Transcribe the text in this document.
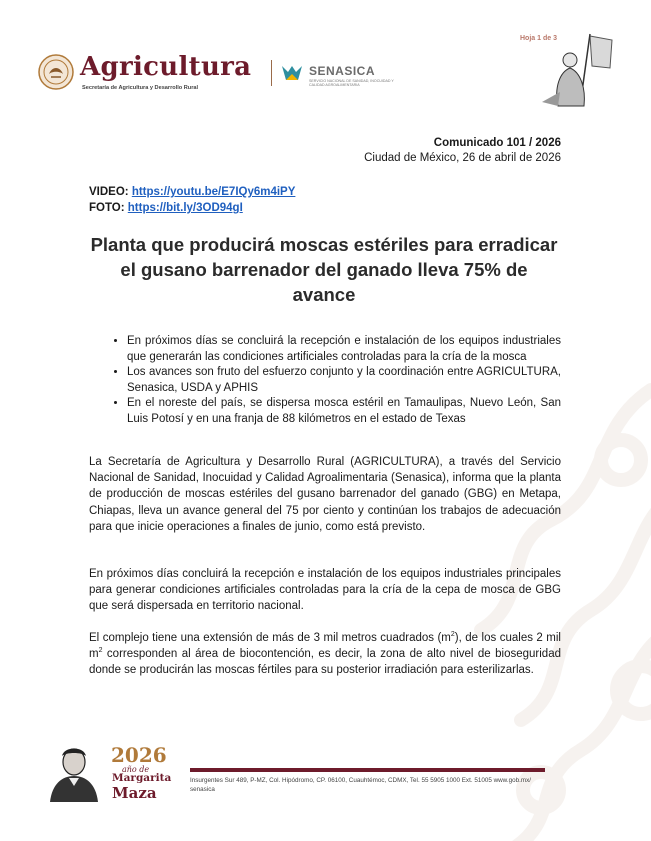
Agricultura
Secretaría de Agricultura y Desarrollo Rural
SENASICA
SERVICIO NACIONAL DE SANIDAD, INOCUIDAD Y CALIDAD AGROALIMENTARIA
Hoja 1 de 3
Comunicado 101 / 2026
Ciudad de México, 26 de abril de 2026
VIDEO: https://youtu.be/E7IQy6m4iPY
FOTO: https://bit.ly/3OD94gI
Planta que producirá moscas estériles para erradicar el gusano barrenador del ganado lleva 75% de avance
• En próximos días se concluirá la recepción e instalación de los equipos industriales que generarán las condiciones artificiales controladas para la cría de la mosca
• Los avances son fruto del esfuerzo conjunto y la coordinación entre AGRICULTURA, Senasica, USDA y APHIS
• En el noreste del país, se dispersa mosca estéril en Tamaulipas, Nuevo León, San Luis Potosí y en una franja de 88 kilómetros en el estado de Texas

La Secretaría de Agricultura y Desarrollo Rural (AGRICULTURA), a través del Servicio Nacional de Sanidad, Inocuidad y Calidad Agroalimentaria (Senasica), informa que la planta de producción de moscas estériles del gusano barrenador del ganado (GBG) en Metapa, Chiapas, lleva un avance general del 75 por ciento y continúan los trabajos de adecuación para que inicie operaciones a finales de junio, como está previsto.

En próximos días concluirá la recepción e instalación de los equipos industriales principales para generar condiciones artificiales controladas para la cría de la cepa de mosca de GBG que será dispersada en territorio nacional.

El complejo tiene una extensión de más de 3 mil metros cuadrados $(m^2)$, de los cuales 2 mil $m^2$ corresponden al área de biocontención, es decir, la zona de alto nivel de bioseguridad donde se producirán las moscas fértiles para su posterior irradiación para esterilizarlas.

2026
año de
Margarita
Maza
Insurgentes Sur 489, P-MZ, Col. Hipódromo, CP. 06100, Cuauhtémoc, CDMX, Tel. 55 5905 1000 Ext. 51005 www.gob.mx/
senasica
